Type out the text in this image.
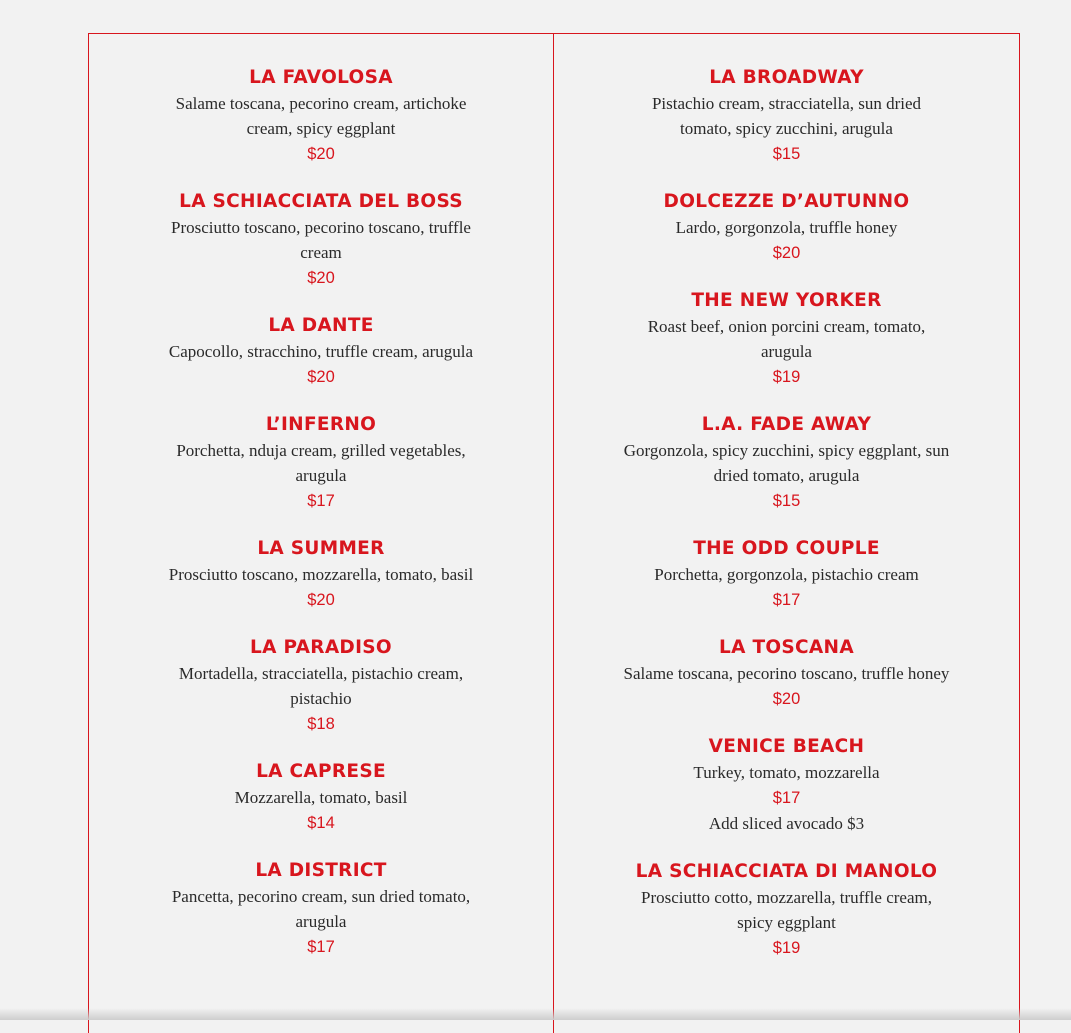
LA FAVOLOSA
Salame toscana, pecorino cream, artichoke cream, spicy eggplant
$20
LA SCHIACCIATA DEL BOSS
Prosciutto toscano, pecorino toscano, truffle cream
$20
LA DANTE
Capocollo, stracchino, truffle cream, arugula
$20
L’INFERNO
Porchetta, nduja cream, grilled vegetables, arugula
$17
LA SUMMER
Prosciutto toscano, mozzarella, tomato, basil
$20
LA PARADISO
Mortadella, stracciatella, pistachio cream, pistachio
$18
LA CAPRESE
Mozzarella, tomato, basil
$14
LA DISTRICT
Pancetta, pecorino cream, sun dried tomato, arugula
$17
LA BROADWAY
Pistachio cream, stracciatella, sun dried tomato, spicy zucchini, arugula
$15
DOLCEZZE D’AUTUNNO
Lardo, gorgonzola, truffle honey
$20
THE NEW YORKER
Roast beef, onion porcini cream, tomato, arugula
$19
L.A. FADE AWAY
Gorgonzola, spicy zucchini, spicy eggplant, sun dried tomato, arugula
$15
THE ODD COUPLE
Porchetta, gorgonzola, pistachio cream
$17
LA TOSCANA
Salame toscana, pecorino toscano, truffle honey
$20
VENICE BEACH
Turkey, tomato, mozzarella
$17
Add sliced avocado $3
LA SCHIACCIATA DI MANOLO
Prosciutto cotto, mozzarella, truffle cream, spicy eggplant
$19
